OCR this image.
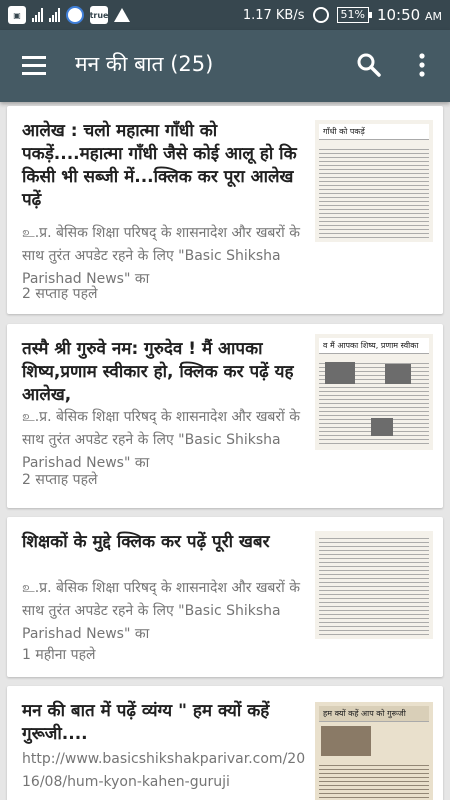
▣	true	1.17 KB/s	51% 10:50 AM
मन की बात (25)
आलेख : चलो महात्मा गाँधी को पकड़ें....महात्मा गाँधी जैसे कोई आलू हो कि किसी भी सब्जी में...क्लिक कर पूरा आलेख पढ़ें
உ.प्र. बेसिक शिक्षा परिषद् के शासनादेश और खबरों के साथ तुरंत अपडेट रहने के लिए "Basic Shiksha Parishad News" का
2 सप्ताह पहले
गाँधी को पकड़ें
तस्मै श्री गुरुवे नम: गुरुदेव ! मैं आपका शिष्य,प्रणाम स्वीकार हो, क्लिक कर पढ़ें यह आलेख,
உ.प्र. बेसिक शिक्षा परिषद् के शासनादेश और खबरों के साथ तुरंत अपडेट रहने के लिए "Basic Shiksha Parishad News" का
2 सप्ताह पहले
व मैं आपका शिष्य, प्रणाम स्वीका
शिक्षकों के मुद्दे क्लिक कर पढ़ें पूरी खबर
உ.प्र. बेसिक शिक्षा परिषद् के शासनादेश और खबरों के साथ तुरंत अपडेट रहने के लिए "Basic Shiksha Parishad News" का
1 महीना पहले
मन की बात में पढ़ें व्यंग्य " हम क्यों कहें गुरूजी....
http://www.basicshikshakparivar.com/2016/08/hum-kyon-kahen-guruji
हम क्यों कहें आप को गुरूजी
